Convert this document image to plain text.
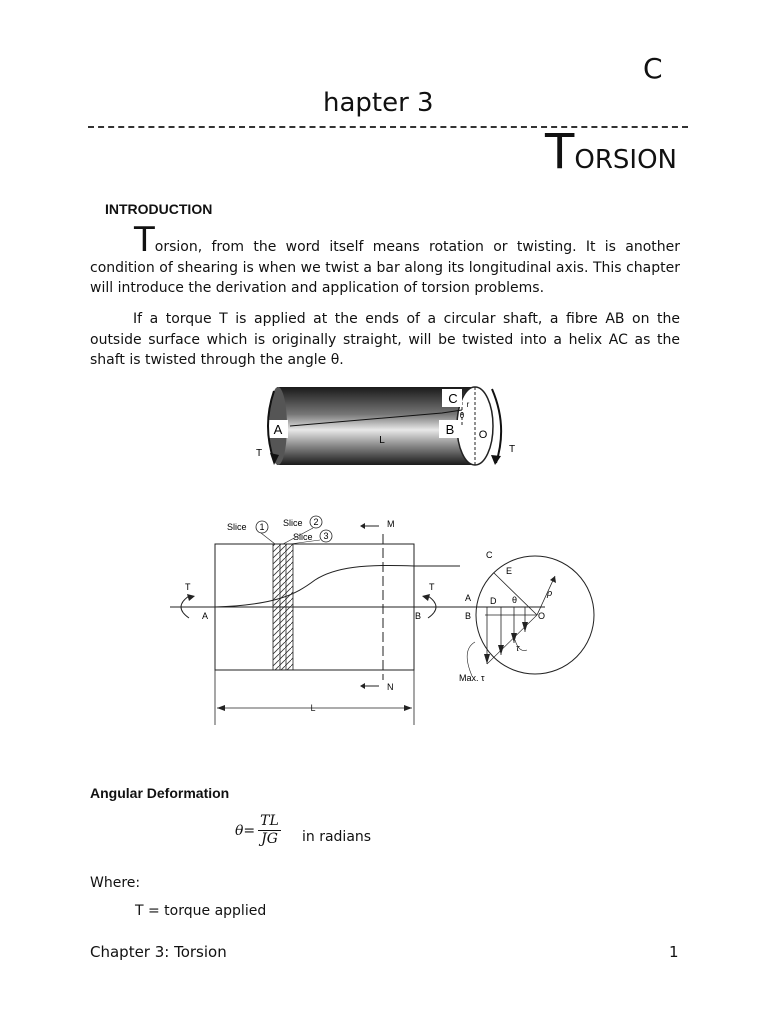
C
hapter 3
TORSION
INTRODUCTION
Torsion, from the word itself means rotation or twisting. It is another condition of shearing is when we twist a bar along its longitudinal axis. This chapter will introduce the derivation and application of torsion problems.
If a torque T is applied at the ends of a circular shaft, a fibre AB on the outside surface which is originally straight, will be twisted into a helix AC as the shaft is twisted through the angle θ.
A	B
C
L	O
r
θ
T	T
M
N
Slice 1 Slice 2
Slice 3
T
A
T
B
L
C
E
A D θ
ρ
B	O
τ
Max. τ
Angular Deformation
$\theta= \frac{TL}{JG}$ in radians
Where:
T = torque applied
Chapter 3: Torsion	1
